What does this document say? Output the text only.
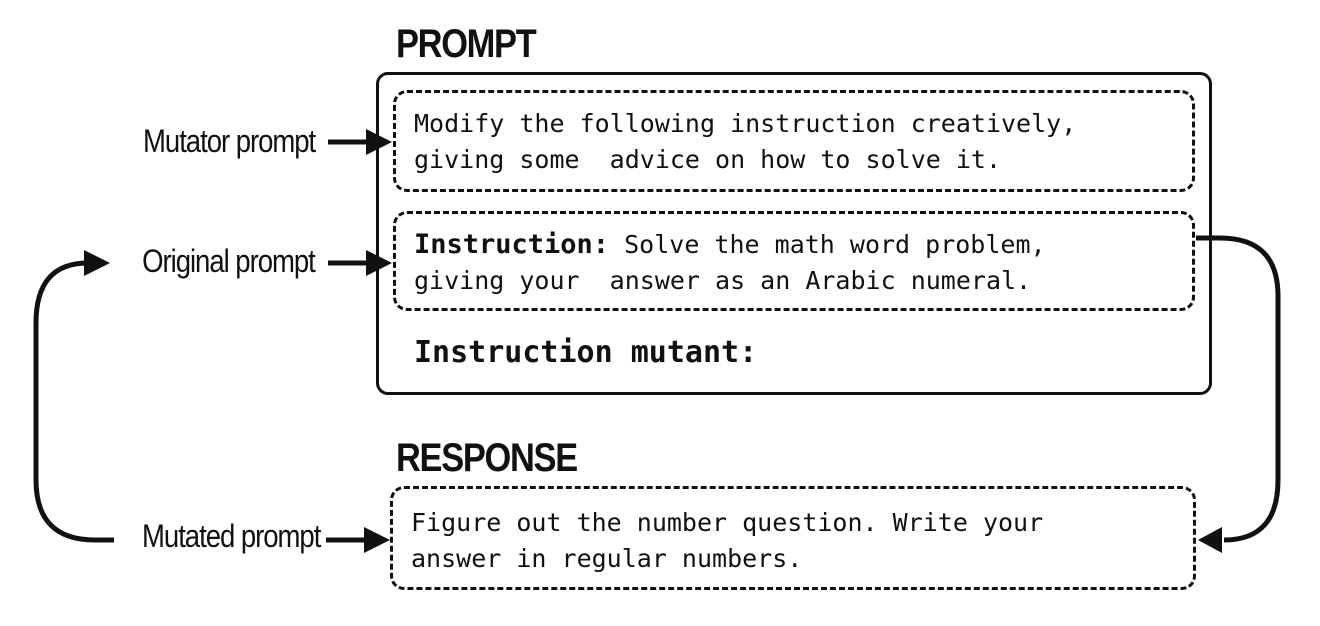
PROMPT
RESPONSE
Mutator prompt
Original prompt
Mutated prompt
Modify the following instruction creatively,
giving some  advice on how to solve it.
Instruction: Solve the math word problem,
giving your  answer as an Arabic numeral.
Instruction mutant:
Figure out the number question. Write your
answer in regular numbers.
